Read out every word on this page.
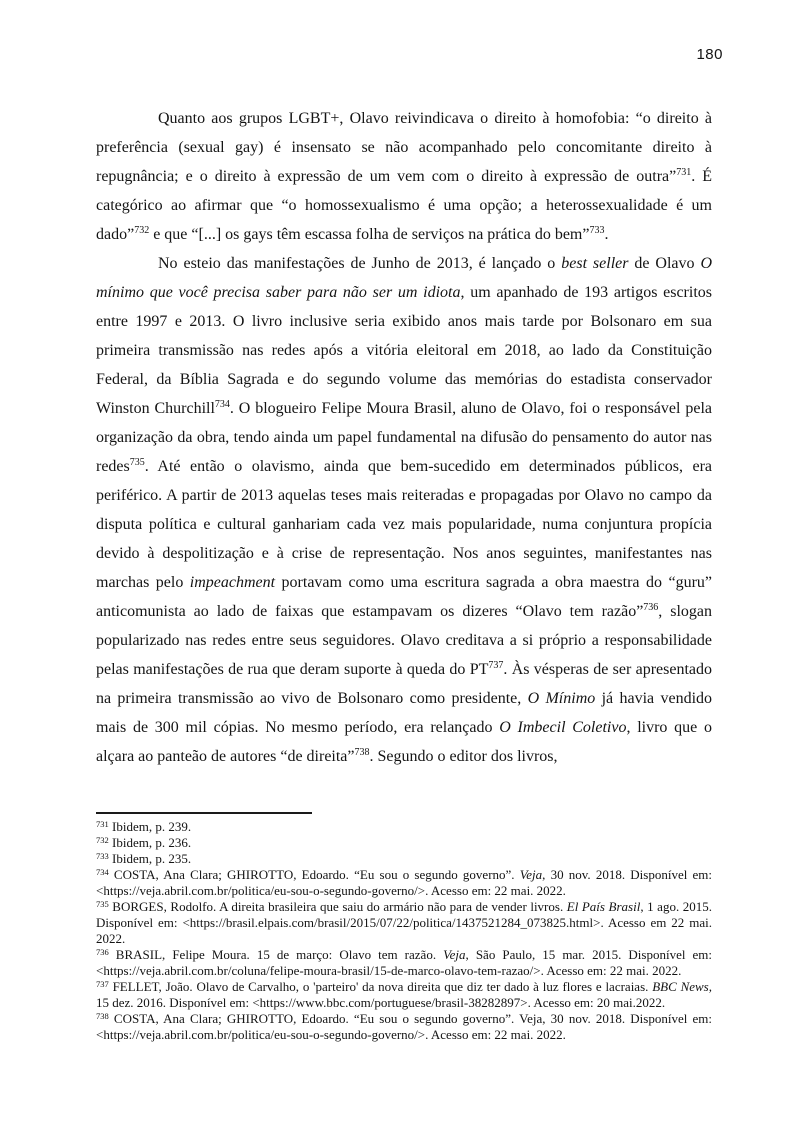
180

Quanto aos grupos LGBT+, Olavo reivindicava o direito à homofobia: “o direito à preferência (sexual gay) é insensato se não acompanhado pelo concomitante direito à repugnância; e o direito à expressão de um vem com o direito à expressão de outra”$^{731}$. É categórico ao afirmar que “o homossexualismo é uma opção; a heterossexualidade é um dado”$^{732}$ e que “[...] os gays têm escassa folha de serviços na prática do bem”$^{733}$.

No esteio das manifestações de Junho de 2013, é lançado o best seller de Olavo O mínimo que você precisa saber para não ser um idiota, um apanhado de 193 artigos escritos entre 1997 e 2013. O livro inclusive seria exibido anos mais tarde por Bolsonaro em sua primeira transmissão nas redes após a vitória eleitoral em 2018, ao lado da Constituição Federal, da Bíblia Sagrada e do segundo volume das memórias do estadista conservador Winston Churchill$^{734}$. O blogueiro Felipe Moura Brasil, aluno de Olavo, foi o responsável pela organização da obra, tendo ainda um papel fundamental na difusão do pensamento do autor nas redes$^{735}$. Até então o olavismo, ainda que bem-sucedido em determinados públicos, era periférico. A partir de 2013 aquelas teses mais reiteradas e propagadas por Olavo no campo da disputa política e cultural ganhariam cada vez mais popularidade, numa conjuntura propícia devido à despolitização e à crise de representação. Nos anos seguintes, manifestantes nas marchas pelo impeachment portavam como uma escritura sagrada a obra maestra do “guru” anticomunista ao lado de faixas que estampavam os dizeres “Olavo tem razão”$^{736}$, slogan popularizado nas redes entre seus seguidores. Olavo creditava a si próprio a responsabilidade pelas manifestações de rua que deram suporte à queda do PT$^{737}$. Às vésperas de ser apresentado na primeira transmissão ao vivo de Bolsonaro como presidente, O Mínimo já havia vendido mais de 300 mil cópias. No mesmo período, era relançado O Imbecil Coletivo, livro que o alçara ao panteão de autores “de direita”$^{738}$. Segundo o editor dos livros,

$^{731}$ Ibidem, p. 239.

$^{732}$ Ibidem, p. 236.

$^{733}$ Ibidem, p. 235.

$^{734}$ COSTA, Ana Clara; GHIROTTO, Edoardo. “Eu sou o segundo governo”. Veja, 30 nov. 2018. Disponível em: <https://veja.abril.com.br/politica/eu-sou-o-segundo-governo/>. Acesso em: 22 mai. 2022.

$^{735}$ BORGES, Rodolfo. A direita brasileira que saiu do armário não para de vender livros. El País Brasil, 1 ago. 2015. Disponível em: <https://brasil.elpais.com/brasil/2015/07/22/politica/1437521284_073825.html>. Acesso em 22 mai. 2022.

$^{736}$ BRASIL, Felipe Moura. 15 de março: Olavo tem razão. Veja, São Paulo, 15 mar. 2015. Disponível em: <https://veja.abril.com.br/coluna/felipe-moura-brasil/15-de-marco-olavo-tem-razao/>. Acesso em: 22 mai. 2022.

$^{737}$ FELLET, João. Olavo de Carvalho, o 'parteiro' da nova direita que diz ter dado à luz flores e lacraias. BBC News, 15 dez. 2016. Disponível em: <https://www.bbc.com/portuguese/brasil-38282897>. Acesso em: 20 mai.2022.

$^{738}$ COSTA, Ana Clara; GHIROTTO, Edoardo. “Eu sou o segundo governo”. Veja, 30 nov. 2018. Disponível em: <https://veja.abril.com.br/politica/eu-sou-o-segundo-governo/>. Acesso em: 22 mai. 2022.
